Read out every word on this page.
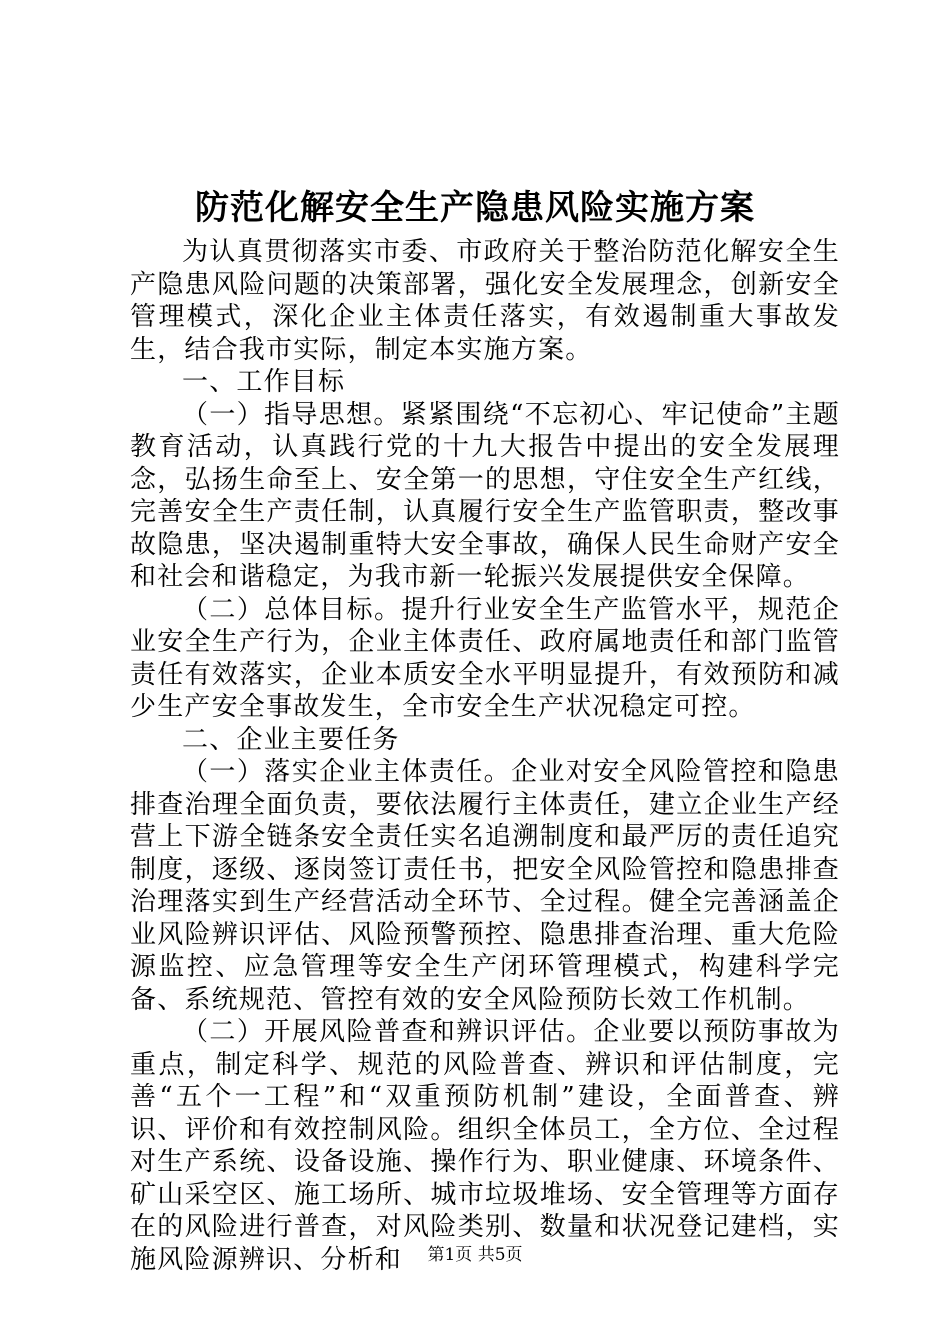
防范化解安全生产隐患风险实施方案

为认真贯彻落实市委、市政府关于整治防范化解安全生产隐患风险问题的决策部署，强化安全发展理念，创新安全管理模式，深化企业主体责任落实，有效遏制重大事故发生，结合我市实际，制定本实施方案。

一、工作目标

（一）指导思想。紧紧围绕“不忘初心、牢记使命”主题教育活动，认真践行党的十九大报告中提出的安全发展理念，弘扬生命至上、安全第一的思想，守住安全生产红线，完善安全生产责任制，认真履行安全生产监管职责，整改事故隐患，坚决遏制重特大安全事故，确保人民生命财产安全和社会和谐稳定，为我市新一轮振兴发展提供安全保障。

（二）总体目标。提升行业安全生产监管水平，规范企业安全生产行为，企业主体责任、政府属地责任和部门监管责任有效落实，企业本质安全水平明显提升，有效预防和减少生产安全事故发生，全市安全生产状况稳定可控。

二、企业主要任务

（一）落实企业主体责任。企业对安全风险管控和隐患排查治理全面负责，要依法履行主体责任，建立企业生产经营上下游全链条安全责任实名追溯制度和最严厉的责任追究制度，逐级、逐岗签订责任书，把安全风险管控和隐患排查治理落实到生产经营活动全环节、全过程。健全完善涵盖企业风险辨识评估、风险预警预控、隐患排查治理、重大危险源监控、应急管理等安全生产闭环管理模式，构建科学完备、系统规范、管控有效的安全风险预防长效工作机制。

（二）开展风险普查和辨识评估。企业要以预防事故为重点，制定科学、规范的风险普查、辨识和评估制度，完善“五个一工程”和“双重预防机制”建设，全面普查、辨识、评价和有效控制风险。组织全体员工，全方位、全过程对生产系统、设备设施、操作行为、职业健康、环境条件、矿山采空区、施工场所、城市垃圾堆场、安全管理等方面存在的风险进行普查，对风险类别、数量和状况登记建档，实施风险源辨识、分析和	第1页 共5页
